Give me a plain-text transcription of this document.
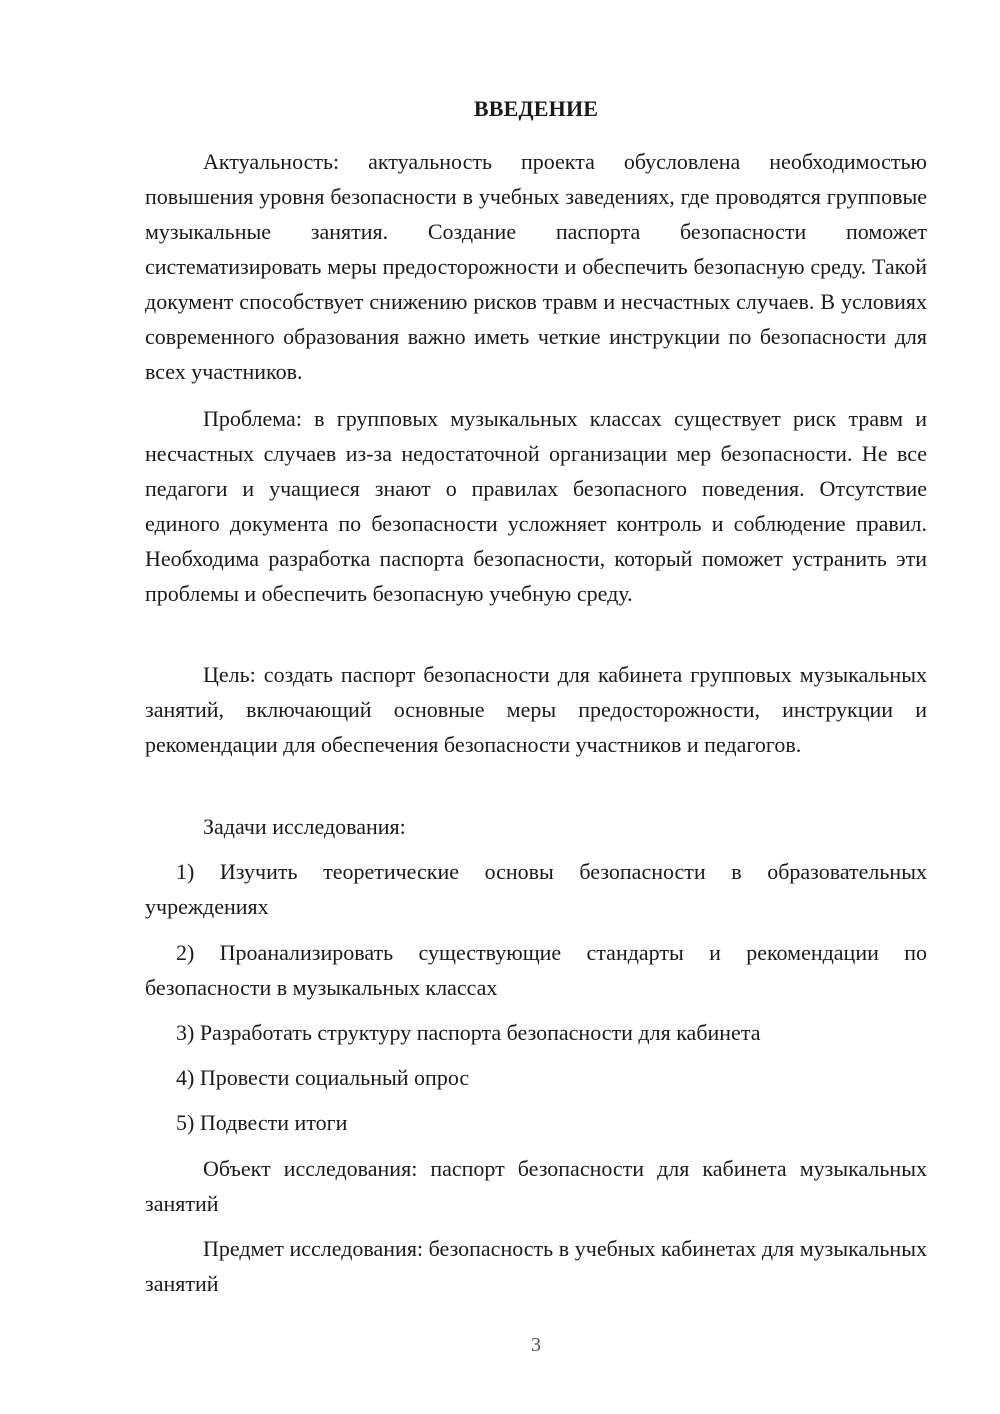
ВВЕДЕНИЕ

Актуальность: актуальность проекта обусловлена необходимостью повышения уровня безопасности в учебных заведениях, где проводятся групповые музыкальные занятия. Создание паспорта безопасности поможет систематизировать меры предосторожности и обеспечить безопасную среду. Такой документ способствует снижению рисков травм и несчастных случаев. В условиях современного образования важно иметь четкие инструкции по безопасности для всех участников.

Проблема: в групповых музыкальных классах существует риск травм и несчастных случаев из-за недостаточной организации мер безопасности. Не все педагоги и учащиеся знают о правилах безопасного поведения. Отсутствие единого документа по безопасности усложняет контроль и соблюдение правил. Необходима разработка паспорта безопасности, который поможет устранить эти проблемы и обеспечить безопасную учебную среду.

Цель: создать паспорт безопасности для кабинета групповых музыкальных занятий, включающий основные меры предосторожности, инструкции и рекомендации для обеспечения безопасности участников и педагогов.

Задачи исследования:

1) Изучить теоретические основы безопасности в образовательных учреждениях

2) Проанализировать существующие стандарты и рекомендации по безопасности в музыкальных классах

3) Разработать структуру паспорта безопасности для кабинета

4) Провести социальный опрос

5) Подвести итоги

Объект исследования: паспорт безопасности для кабинета музыкальных занятий

Предмет исследования: безопасность в учебных кабинетах для музыкальных занятий

3
